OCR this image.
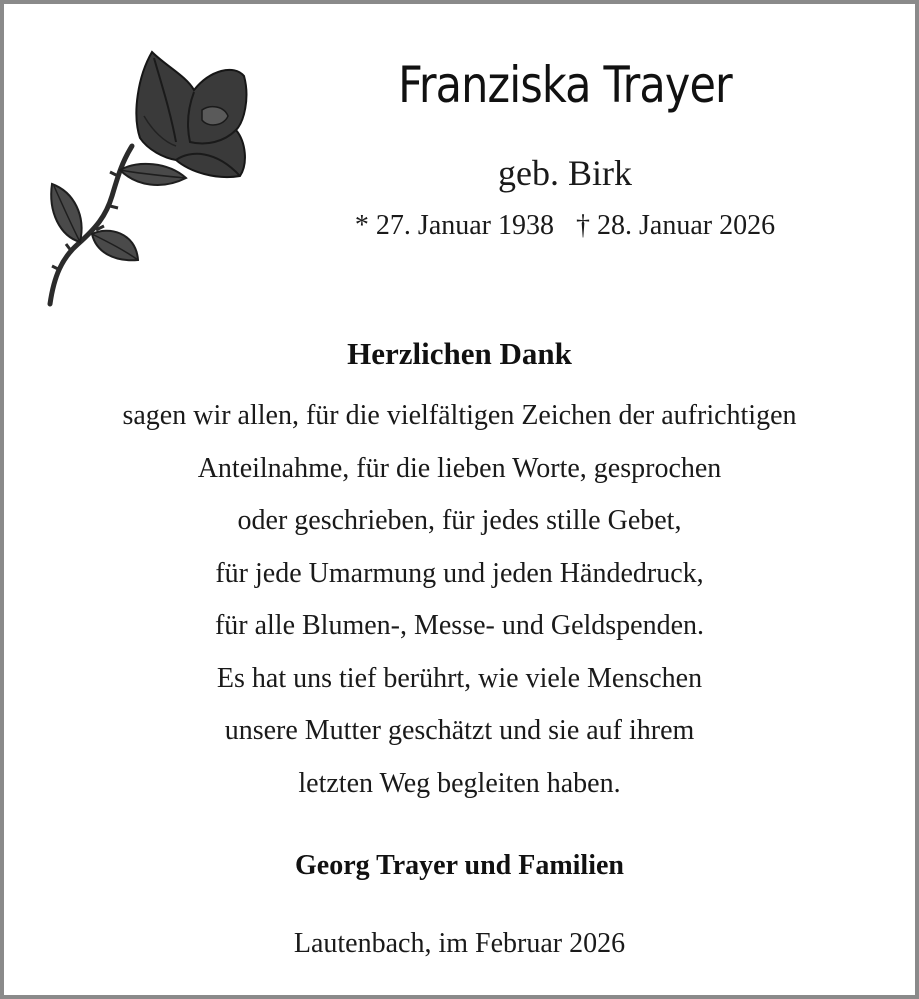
Franziska Trayer
geb. Birk
* 27. Januar 1938 † 28. Januar 2026
Herzlichen Dank
sagen wir allen, für die vielfältigen Zeichen der aufrichtigen
Anteilnahme, für die lieben Worte, gesprochen
oder geschrieben, für jedes stille Gebet,
für jede Umarmung und jeden Händedruck,
für alle Blumen-, Messe- und Geldspenden.
Es hat uns tief berührt, wie viele Menschen
unsere Mutter geschätzt und sie auf ihrem
letzten Weg begleiten haben.
Georg Trayer und Familien
Lautenbach, im Februar 2026
